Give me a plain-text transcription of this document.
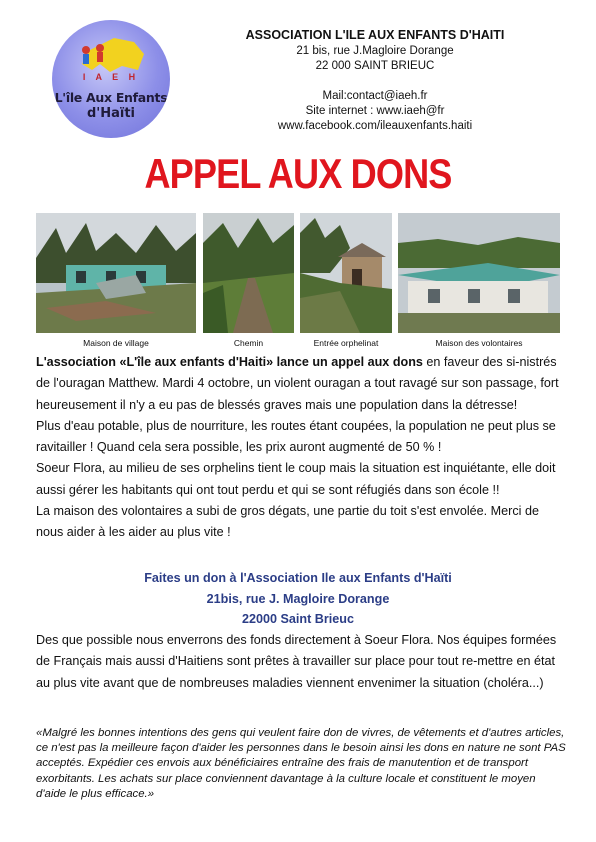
I A E H
L'île Aux Enfants
d'Haïti
ASSOCIATION L'ILE AUX ENFANTS D'HAITI
21 bis, rue J.Magloire Dorange
22 000 SAINT BRIEUC
Mail:contact@iaeh.fr
Site internet : www.iaeh@fr
www.facebook.com/ileauxenfants.haiti
APPEL AUX DONS
Maison de village	Chemin	Entrée orphelinat	Maison des volontaires

L'association «L'île aux enfants d'Haiti» lance un appel aux dons en faveur des si-nistrés de l'ouragan Matthew. Mardi 4 octobre, un violent ouragan a tout ravagé sur son passage, fort heureusement il n'y a eu pas de blessés graves mais une population dans la détresse!

Plus d'eau potable, plus de nourriture, les routes étant coupées, la population ne peut plus se ravitailler ! Quand cela sera possible, les prix auront augmenté de 50 % !

Soeur Flora, au milieu de ses orphelins tient le coup mais la situation est inquiétante, elle doit aussi gérer les habitants qui ont tout perdu et qui se sont réfugiés dans son école !!

La maison des volontaires a subi de gros dégats, une partie du toit s'est envolée. Merci de nous aider à les aider au plus vite !

Faites un don à l'Association Ile aux Enfants d'Haïti
21bis, rue J. Magloire Dorange
22000 Saint Brieuc
Des que possible nous enverrons des fonds directement à Soeur Flora. Nos équipes formées de Français mais aussi d'Haitiens sont prêtes à travailler sur place pour tout re-mettre en état au plus vite avant que de nombreuses maladies viennent envenimer la situation (choléra...)
«Malgré les bonnes intentions des gens qui veulent faire don de vivres, de vêtements et d'autres articles, ce n'est pas la meilleure façon d'aider les personnes dans le besoin ainsi les dons en nature ne sont PAS acceptés. Expédier ces envois aux bénéficiaires entraîne des frais de manutention et de transport exorbitants. Les achats sur place conviennent davantage à la culture locale et constituent le moyen d'aide le plus efficace.»
